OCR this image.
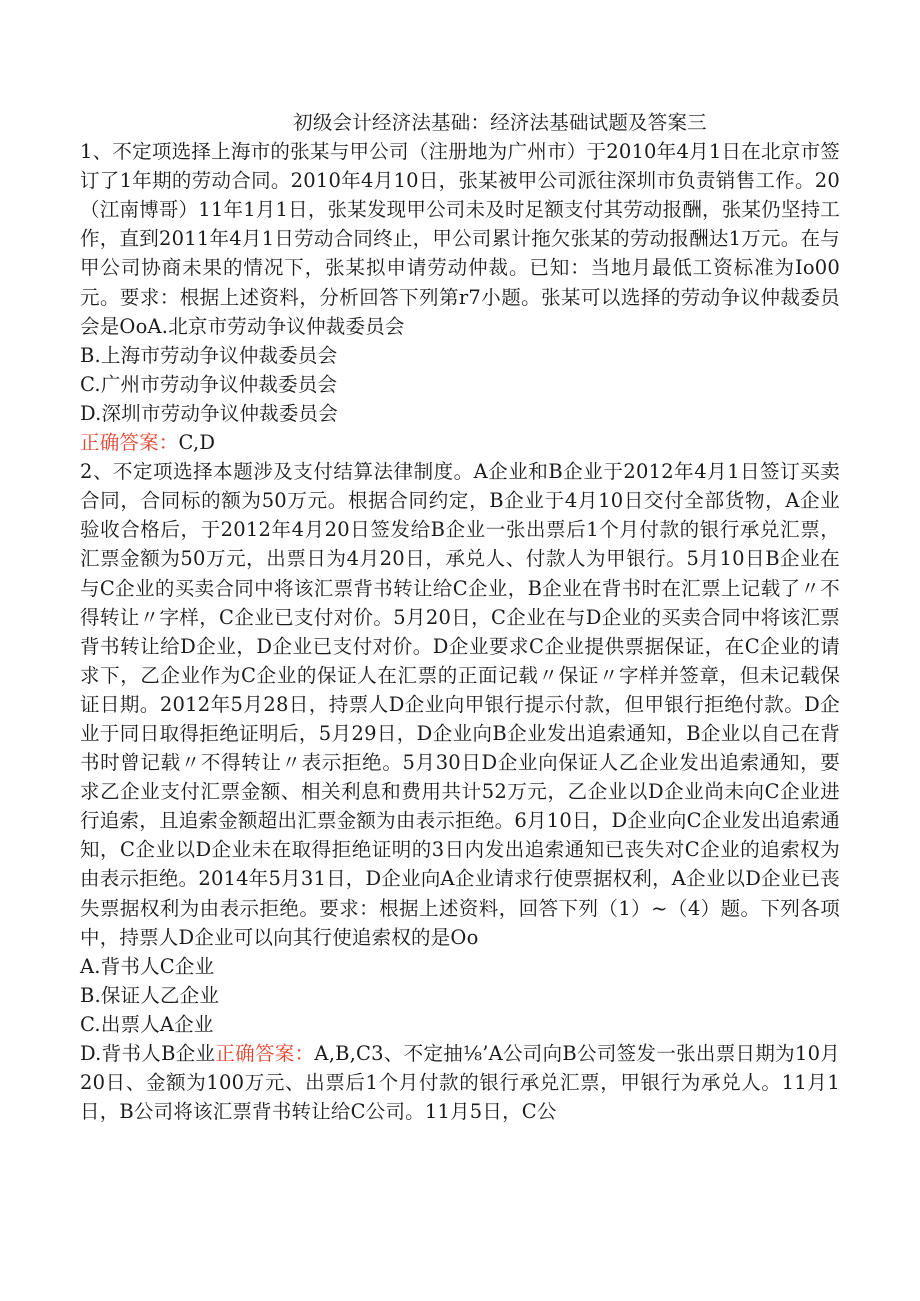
初级会计经济法基础：经济法基础试题及答案三

1、不定项选择上海市的张某与甲公司（注册地为广州市）于2010年4月1日在北京市签订了1年期的劳动合同。2010年4月10日，张某被甲公司派往深圳市负责销售工作。20（江南博哥）11年1月1日，张某发现甲公司未及时足额支付其劳动报酬，张某仍坚持工作，直到2011年4月1日劳动合同终止，甲公司累计拖欠张某的劳动报酬达1万元。在与甲公司协商未果的情况下，张某拟申请劳动仲裁。已知：当地月最低工资标准为Io00元。要求：根据上述资料，分析回答下列第r7小题。张某可以选择的劳动争议仲裁委员会是OoA.北京市劳动争议仲裁委员会

B.上海市劳动争议仲裁委员会

C.广州市劳动争议仲裁委员会

D.深圳市劳动争议仲裁委员会

正确答案：C,D

2、不定项选择本题涉及支付结算法律制度。A企业和B企业于2012年4月1日签订买卖合同，合同标的额为50万元。根据合同约定，B企业于4月10日交付全部货物，A企业验收合格后，于2012年4月20日签发给B企业一张出票后1个月付款的银行承兑汇票，汇票金额为50万元，出票日为4月20日，承兑人、付款人为甲银行。5月10日B企业在与C企业的买卖合同中将该汇票背书转让给C企业，B企业在背书时在汇票上记载了〃不得转让〃字样，C企业已支付对价。5月20日，C企业在与D企业的买卖合同中将该汇票背书转让给D企业，D企业已支付对价。D企业要求C企业提供票据保证，在C企业的请求下，乙企业作为C企业的保证人在汇票的正面记载〃保证〃字样并签章，但未记载保证日期。2012年5月28日，持票人D企业向甲银行提示付款，但甲银行拒绝付款。D企业于同日取得拒绝证明后，5月29日，D企业向B企业发出追索通知，B企业以自己在背书时曾记载〃不得转让〃表示拒绝。5月30日D企业向保证人乙企业发出追索通知，要求乙企业支付汇票金额、相关利息和费用共计52万元，乙企业以D企业尚未向C企业进行追索，且追索金额超出汇票金额为由表示拒绝。6月10日，D企业向C企业发出追索通知，C企业以D企业未在取得拒绝证明的3日内发出追索通知已丧失对C企业的追索权为由表示拒绝。2014年5月31日，D企业向A企业请求行使票据权利，A企业以D企业已丧失票据权利为由表示拒绝。要求：根据上述资料，回答下列（1）~（4）题。下列各项中，持票人D企业可以向其行使追索权的是Oo

A.背书人C企业

B.保证人乙企业

C.出票人A企业

D.背书人B企业正确答案：A,B,C3、不定抽⅛’A公司向B公司签发一张出票日期为10月20日、金额为100万元、出票后1个月付款的银行承兑汇票，甲银行为承兑人。11月1日，B公司将该汇票背书转让给C公司。11月5日，C公
